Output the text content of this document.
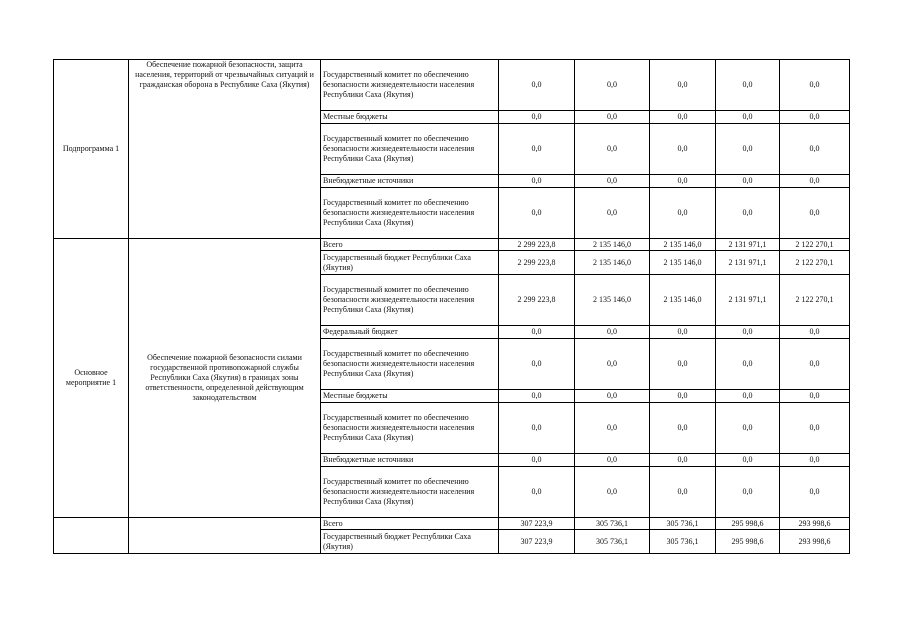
Подпрограмма 1	Обеспечение пожарной безопасности, защита населения, территорий от чрезвычайных ситуаций и гражданская оборона в Республике Саха (Якутия)	Государственный комитет по обеспечению безопасности жизнедеятельности населения Республики Саха (Якутия)	0,0	0,0	0,0	0,0	0,0
		Местные бюджеты	0,0	0,0	0,0	0,0	0,0
		Государственный комитет по обеспечению безопасности жизнедеятельности населения Республики Саха (Якутия)	0,0	0,0	0,0	0,0	0,0
		Внебюджетные источники	0,0	0,0	0,0	0,0	0,0
		Государственный комитет по обеспечению безопасности жизнедеятельности населения Республики Саха (Якутия)	0,0	0,0	0,0	0,0	0,0
Основное мероприятие 1	Обеспечение пожарной безопасности силами государственной противопожарной службы Республики Саха (Якутия) в границах зоны ответственности, определенной действующим законодательством	Всего	2 299 223,8	2 135 146,0	2 135 146,0	2 131 971,1	2 122 270,1
		Государственный бюджет Республики Саха (Якутия)	2 299 223,8	2 135 146,0	2 135 146,0	2 131 971,1	2 122 270,1
		Государственный комитет по обеспечению безопасности жизнедеятельности населения Республики Саха (Якутия)	2 299 223,8	2 135 146,0	2 135 146,0	2 131 971,1	2 122 270,1
		Федеральный бюджет	0,0	0,0	0,0	0,0	0,0
		Государственный комитет по обеспечению безопасности жизнедеятельности населения Республики Саха (Якутия)	0,0	0,0	0,0	0,0	0,0
		Местные бюджеты	0,0	0,0	0,0	0,0	0,0
		Государственный комитет по обеспечению безопасности жизнедеятельности населения Республики Саха (Якутия)	0,0	0,0	0,0	0,0	0,0
		Внебюджетные источники	0,0	0,0	0,0	0,0	0,0
		Государственный комитет по обеспечению безопасности жизнедеятельности населения Республики Саха (Якутия)	0,0	0,0	0,0	0,0	0,0
		Всего	307 223,9	305 736,1	305 736,1	295 998,6	293 998,6
		Государственный бюджет Республики Саха (Якутия)	307 223,9	305 736,1	305 736,1	295 998,6	293 998,6
